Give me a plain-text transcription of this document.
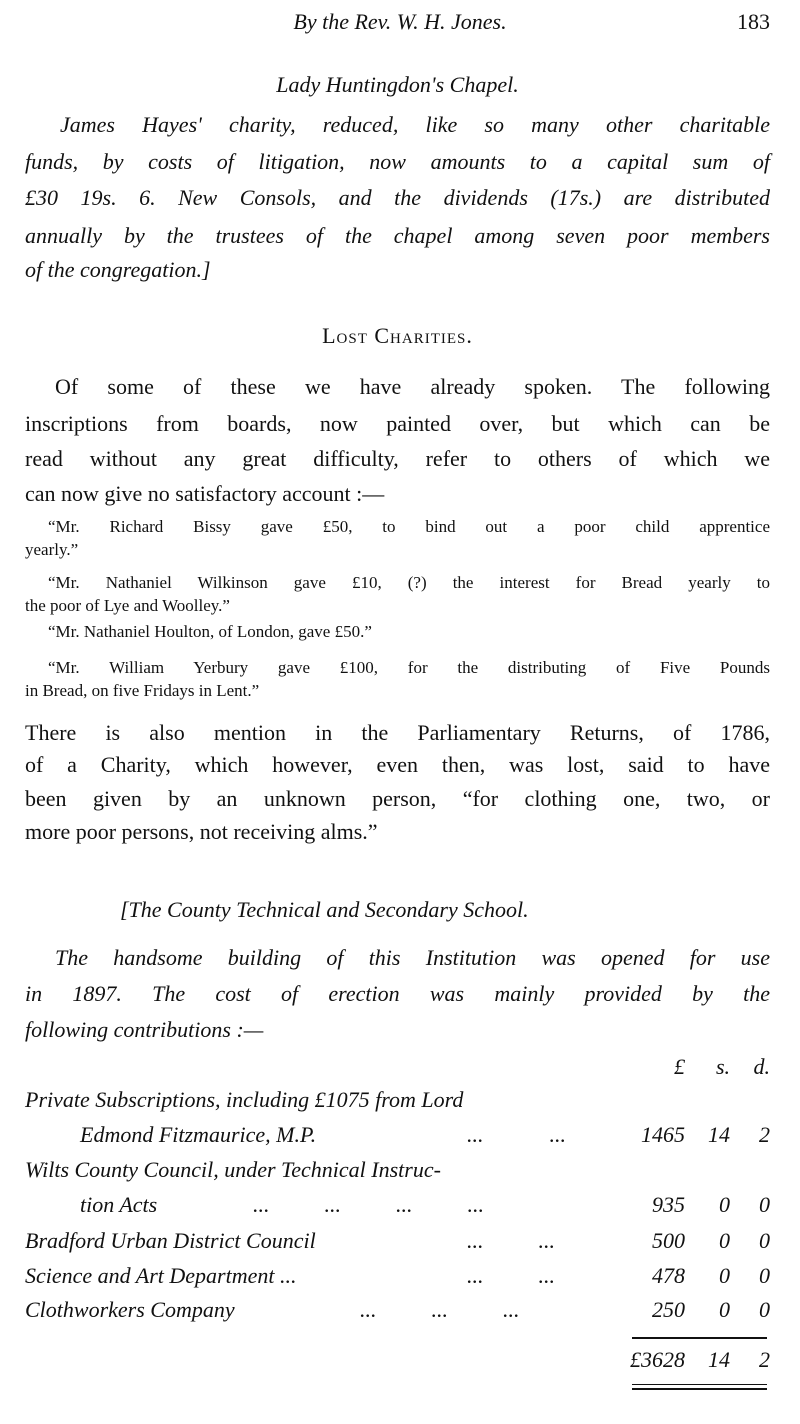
By the Rev. W. H. Jones.	183
Lady Huntingdon's Chapel.
James Hayes' charity, reduced, like so many other charitable
funds, by costs of litigation, now amounts to a capital sum of
£30 19s. 6. New Consols, and the dividends (17s.) are distributed
annually by the trustees of the chapel among seven poor members
of the congregation.]
Lost Charities.
Of some of these we have already spoken. The following
inscriptions from boards, now painted over, but which can be
read without any great difficulty, refer to others of which we
can now give no satisfactory account :—
“Mr. Richard Bissy gave £50, to bind out a poor child apprentice
yearly.”
“Mr. Nathaniel Wilkinson gave £10, (?) the interest for Bread yearly to
the poor of Lye and Woolley.”
“Mr. Nathaniel Houlton, of London, gave £50.”
“Mr. William Yerbury gave £100, for the distributing of Five Pounds
in Bread, on five Fridays in Lent.”
There is also mention in the Parliamentary Returns, of 1786,
of a Charity, which however, even then, was lost, said to have
been given by an unknown person, “for clothing one, two, or
more poor persons, not receiving alms.”
[The County Technical and Secondary School.
The handsome building of this Institution was opened for use
in 1897. The cost of erection was mainly provided by the
following contributions :—
£	s.	d.
Private Subscriptions, including £1075 from Lord
Edmond Fitzmaurice, M.P.	...            ...	1465	14	2
Wilts County Council, under Technical Instruc-
tion Acts	...          ...          ...          ...	935	0	0
Bradford Urban District Council	...          ...	500	0	0
Science and Art Department ...	...          ...	478	0	0
Clothworkers Company	...          ...          ...	250	0	0
£3628	14	2
